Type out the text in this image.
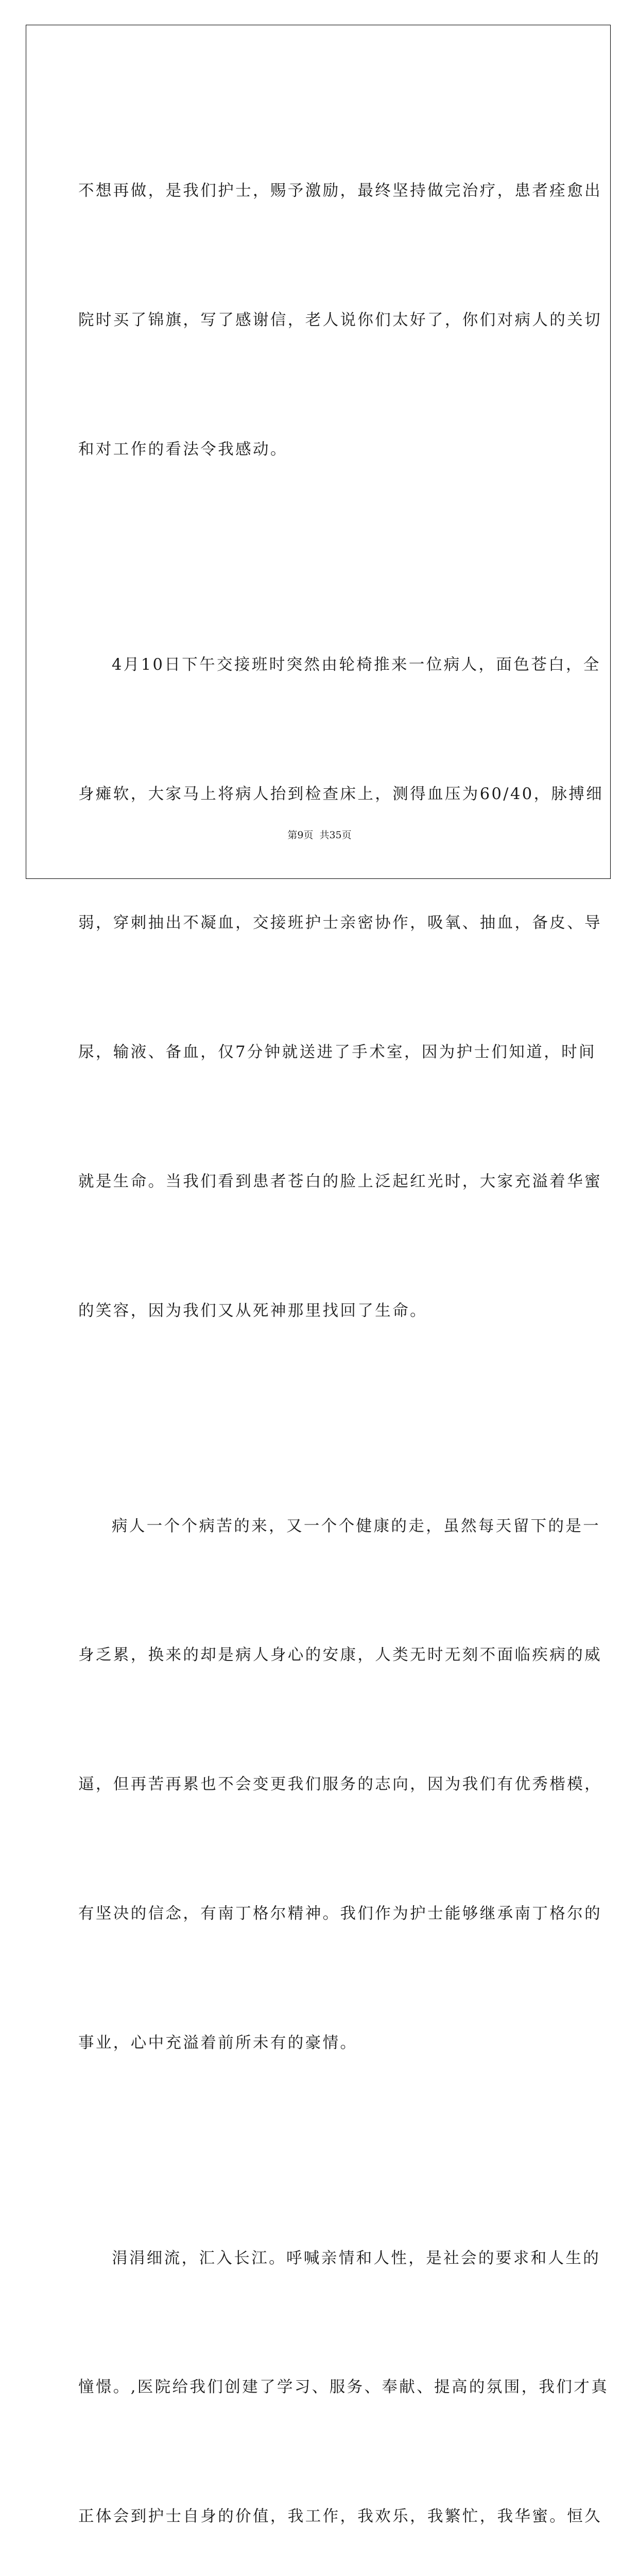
不想再做，是我们护士，赐予激励，最终坚持做完治疗，患者痊愈出

院时买了锦旗，写了感谢信，老人说你们太好了，你们对病人的关切

和对工作的看法令我感动。

4月10日下午交接班时突然由轮椅推来一位病人，面色苍白，全

身瘫软，大家马上将病人抬到检查床上，测得血压为60/40，脉搏细

弱，穿刺抽出不凝血，交接班护士亲密协作，吸氧、抽血，备皮、导

尿，输液、备血，仅7分钟就送进了手术室，因为护士们知道，时间

就是生命。当我们看到患者苍白的脸上泛起红光时，大家充溢着华蜜

的笑容，因为我们又从死神那里找回了生命。

病人一个个病苦的来，又一个个健康的走，虽然每天留下的是一

身乏累，换来的却是病人身心的安康，人类无时无刻不面临疾病的威

逼，但再苦再累也不会变更我们服务的志向，因为我们有优秀楷模，

有坚决的信念，有南丁格尔精神。我们作为护士能够继承南丁格尔的

事业，心中充溢着前所未有的豪情。

涓涓细流，汇入长江。呼喊亲情和人性，是社会的要求和人生的

憧憬。,医院给我们创建了学习、服务、奉献、提高的氛围，我们才真

正体会到护士自身的价值，我工作，我欢乐，我繁忙，我华蜜。恒久

第9页 共35页
